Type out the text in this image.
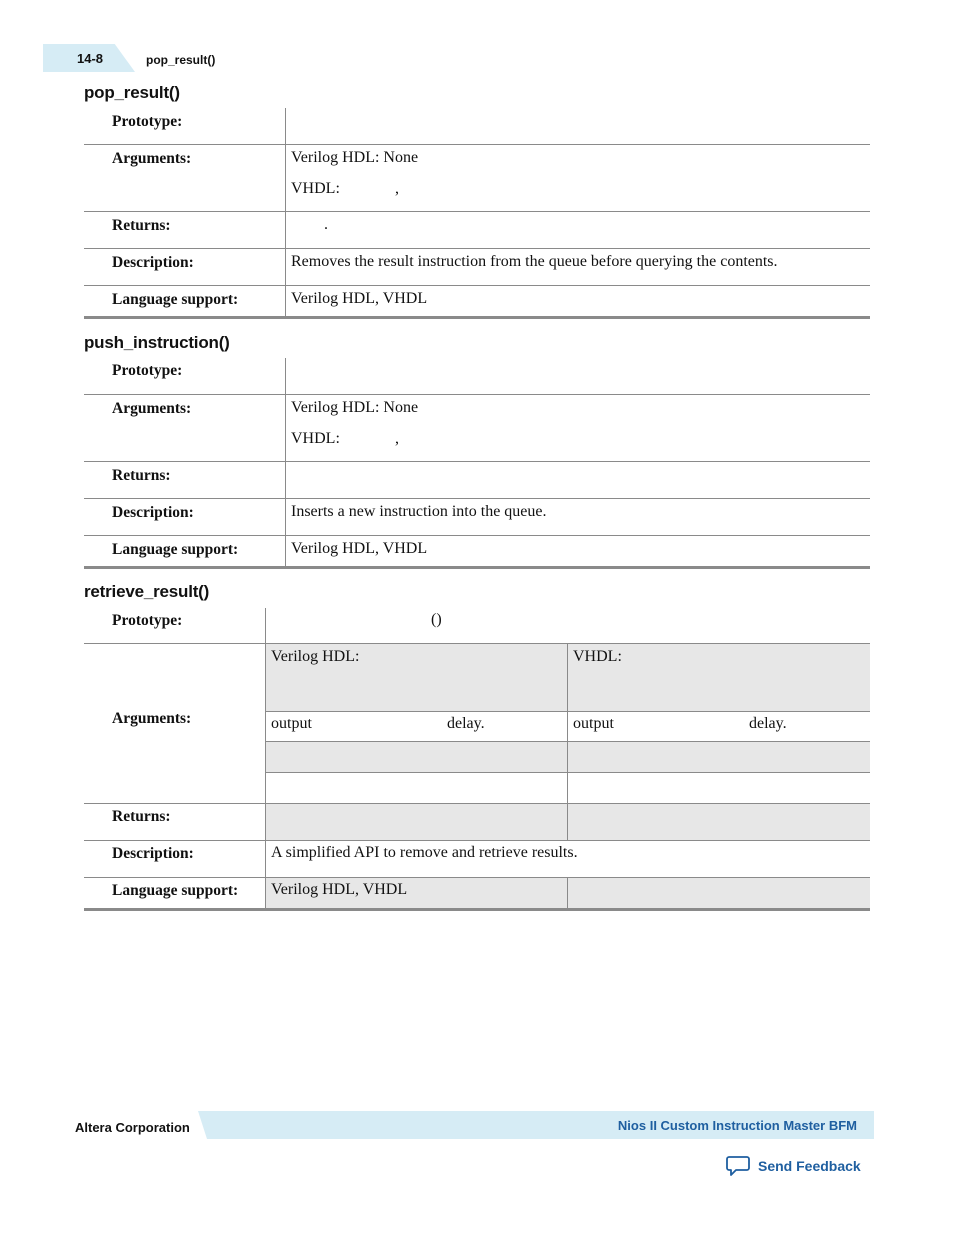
14-8	pop_result()
pop_result()
Prototype:
Arguments:	Verilog HDL: None
VHDL:	,
Returns:	.
Description:	Removes the result instruction from the queue before querying the contents.
Language support:	Verilog HDL, VHDL
push_instruction()
Prototype:
Arguments:	Verilog HDL: None
VHDL:	,
Returns:
Description:	Inserts a new instruction into the queue.
Language support:	Verilog HDL, VHDL
retrieve_result()
Prototype:	()
Arguments:
Verilog HDL:	VHDL:
output	delay.	output	delay.
Returns:
Description:	A simplified API to remove and retrieve results.
Language support: Verilog HDL, VHDL
Altera Corporation	Nios II Custom Instruction Master BFM
Send Feedback
